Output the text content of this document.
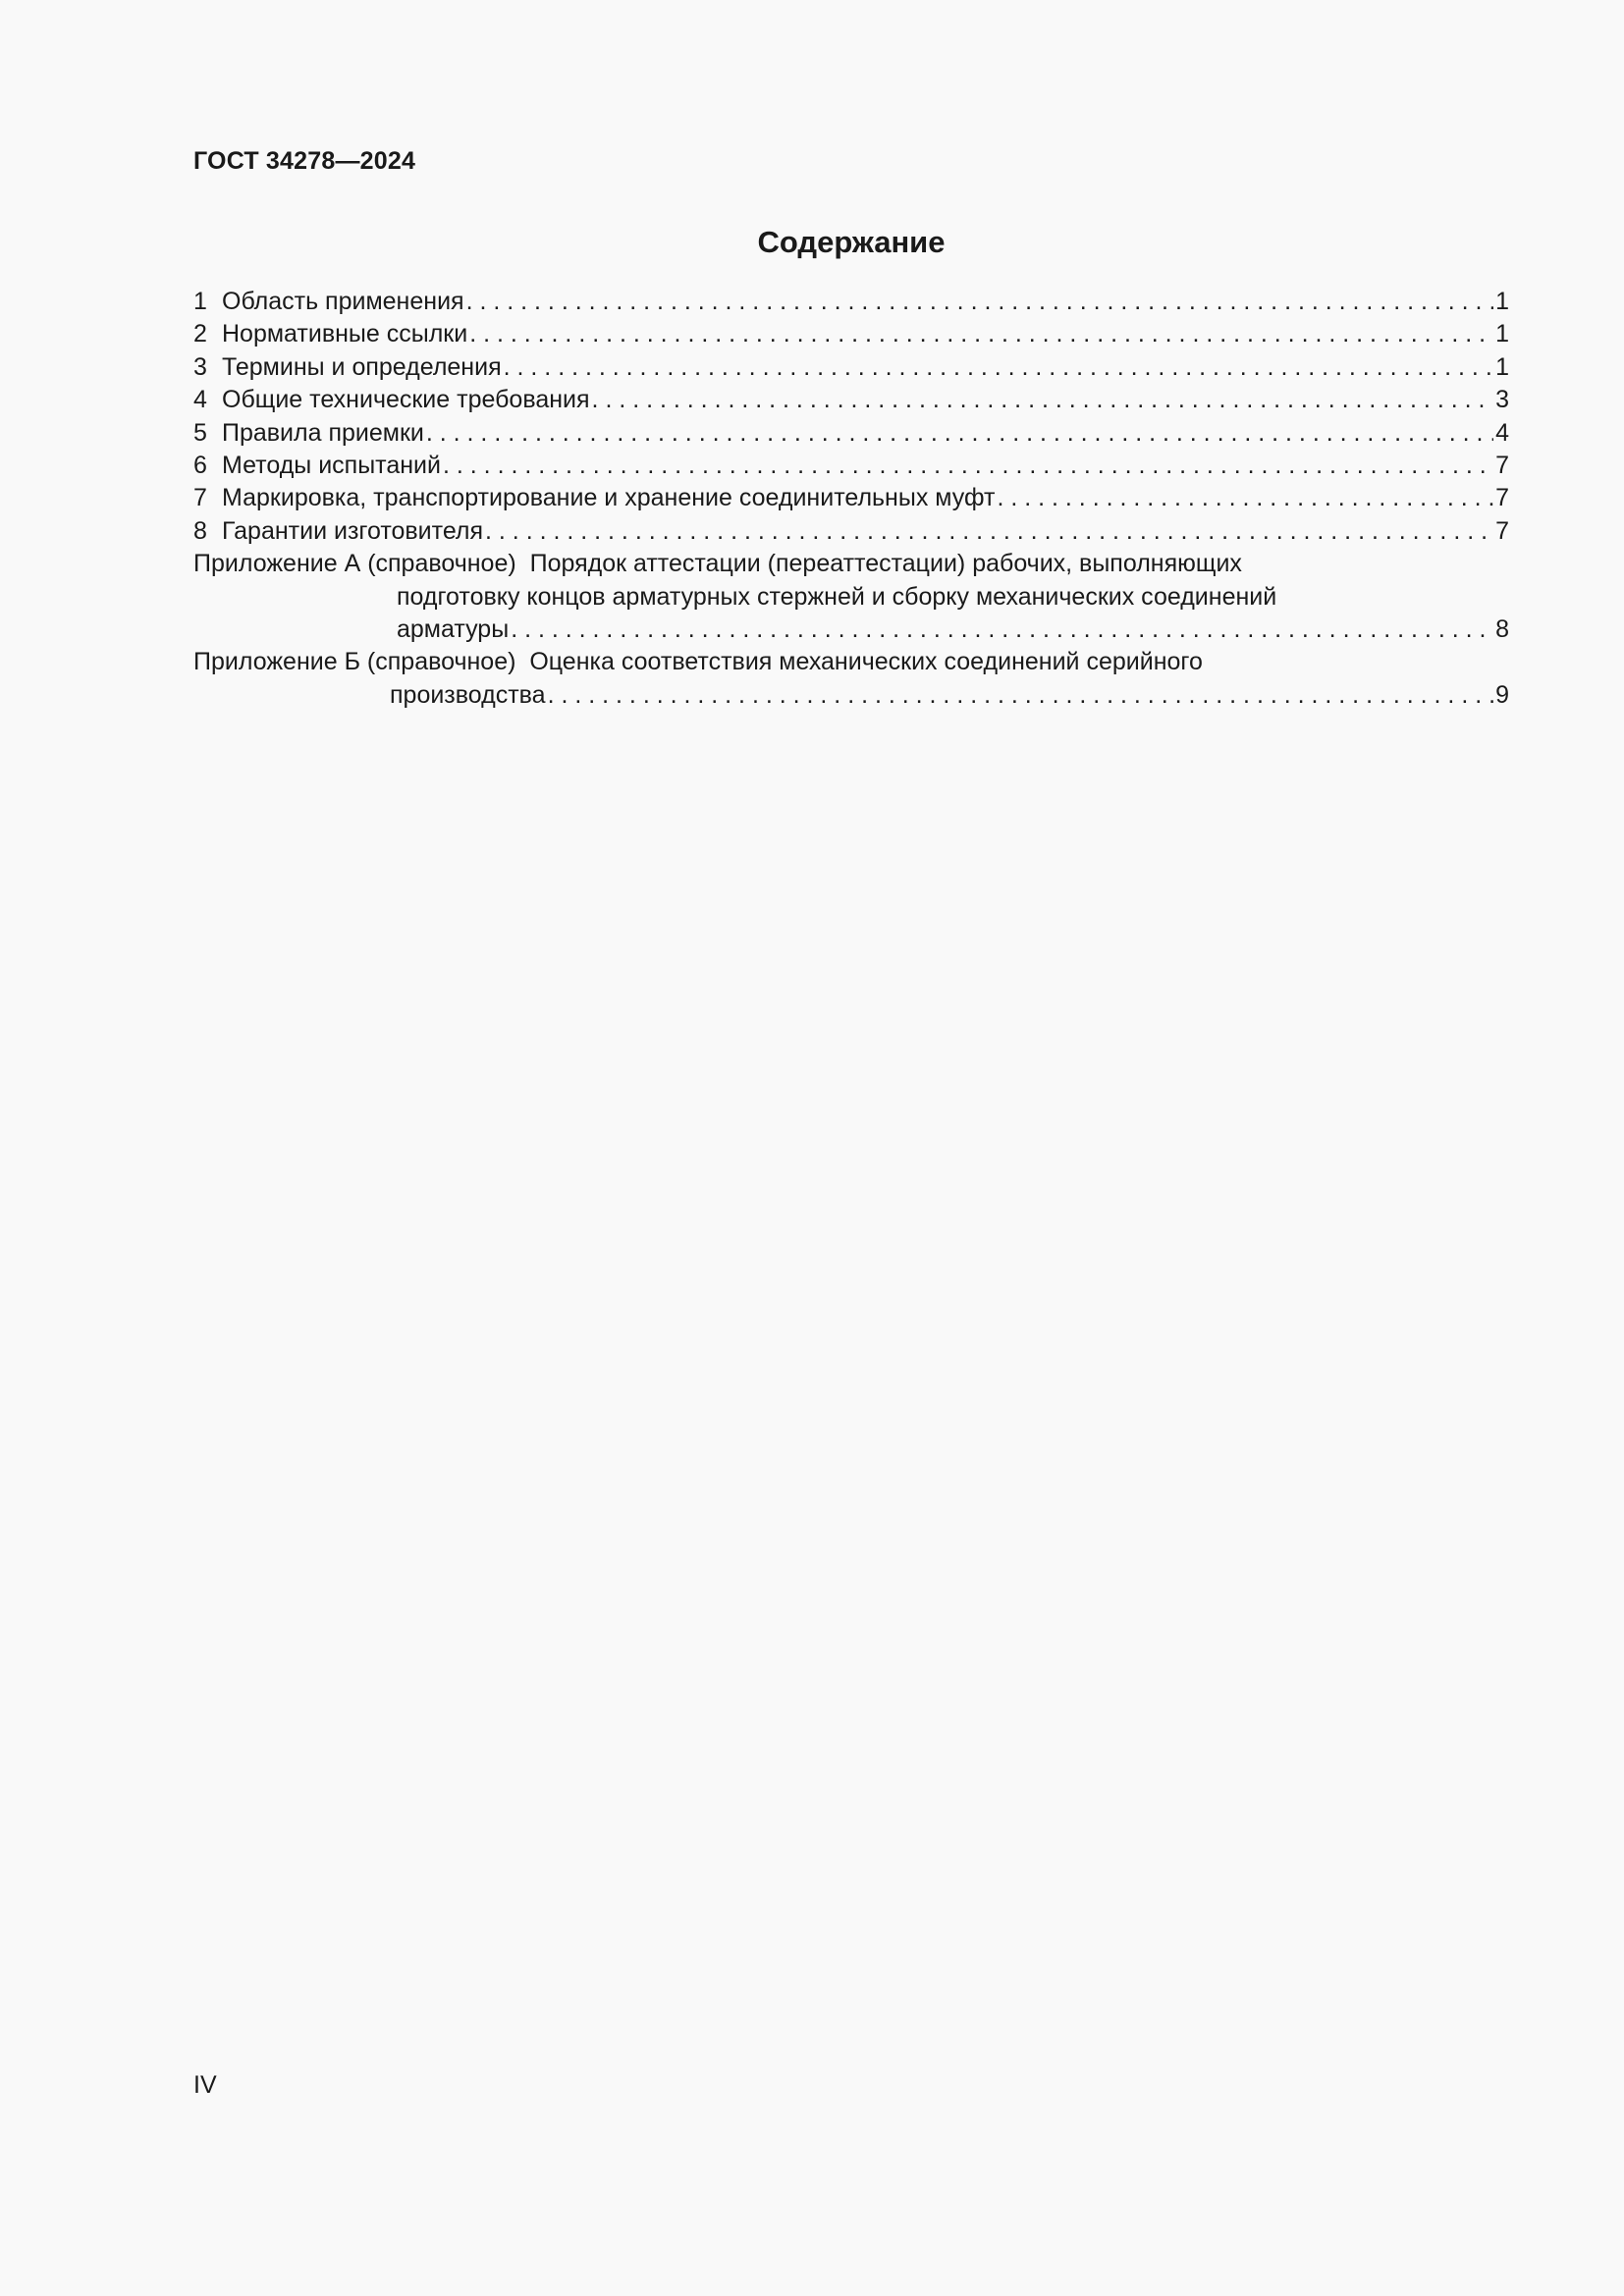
ГОСТ 34278—2024
Содержание
1 Область применения . . .	1
2 Нормативные ссылки . . .	1
3 Термины и определения . . .	1
4 Общие технические требования . . .	3
5 Правила приемки . . .	4
6 Методы испытаний . . .	7
7 Маркировка, транспортирование и хранение соединительных муфт . . .	7
8 Гарантии изготовителя . . .	7
Приложение А (справочное) Порядок аттестации (переаттестации) рабочих, выполняющих
подготовку концов арматурных стержней и сборку механических соединений
арматуры . . .	8
Приложение Б (справочное) Оценка соответствия механических соединений серийного
производства . . .	9
IV
